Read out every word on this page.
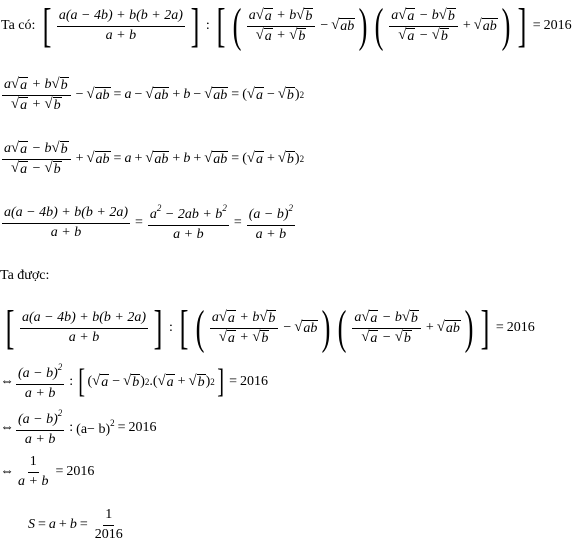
Ta có:
[ $\frac{a(a - 4b) + b(b + 2a)}{a + b}$ ] : [ ( $\frac{a √ a + b √ b}{√ a + √ b}$ − √ ab ) ( $\frac{a √ a - b √ b}{√ a - √ b}$ + √ ab ) ] = 2016
$\frac{a √ a + b √ b}{√ a + √ b}$ − √ ab = a − √ ab + b − √ ab = ( √ a − √ b ) 2
$\frac{a √ a - b √ b}{√ a - √ b}$ + √ ab = a + √ ab + b + √ ab = ( √ a + √ b ) 2
$\frac{a(a - 4b) + b(b + 2a)}{a + b} = \frac{a^2 - 2ab + b^2}{a + b} = \frac{(a - b)^2}{a + b}$
Ta được:
[ $\frac{a(a - 4b) + b(b + 2a)}{a + b}$ ] : [ ( $\frac{a √ a + b √ b}{√ a + √ b}$ − √ ab ) ( $\frac{a √ a - b √ b}{√ a - √ b}$ + √ ab ) ] = 2016
⇔ $\frac{(a - b)^2}{a + b}$ : [ ( √ a − √ b ) 2 .( √ a + √ b ) 2 ] = 2016
⇔ $\frac{(a - b)^2}{a + b}$ : $(a- b)^2 = 2016$
⇔ $\frac{1}{a + b} = 2016$
$S = a + b = \frac{1}{2016}$
